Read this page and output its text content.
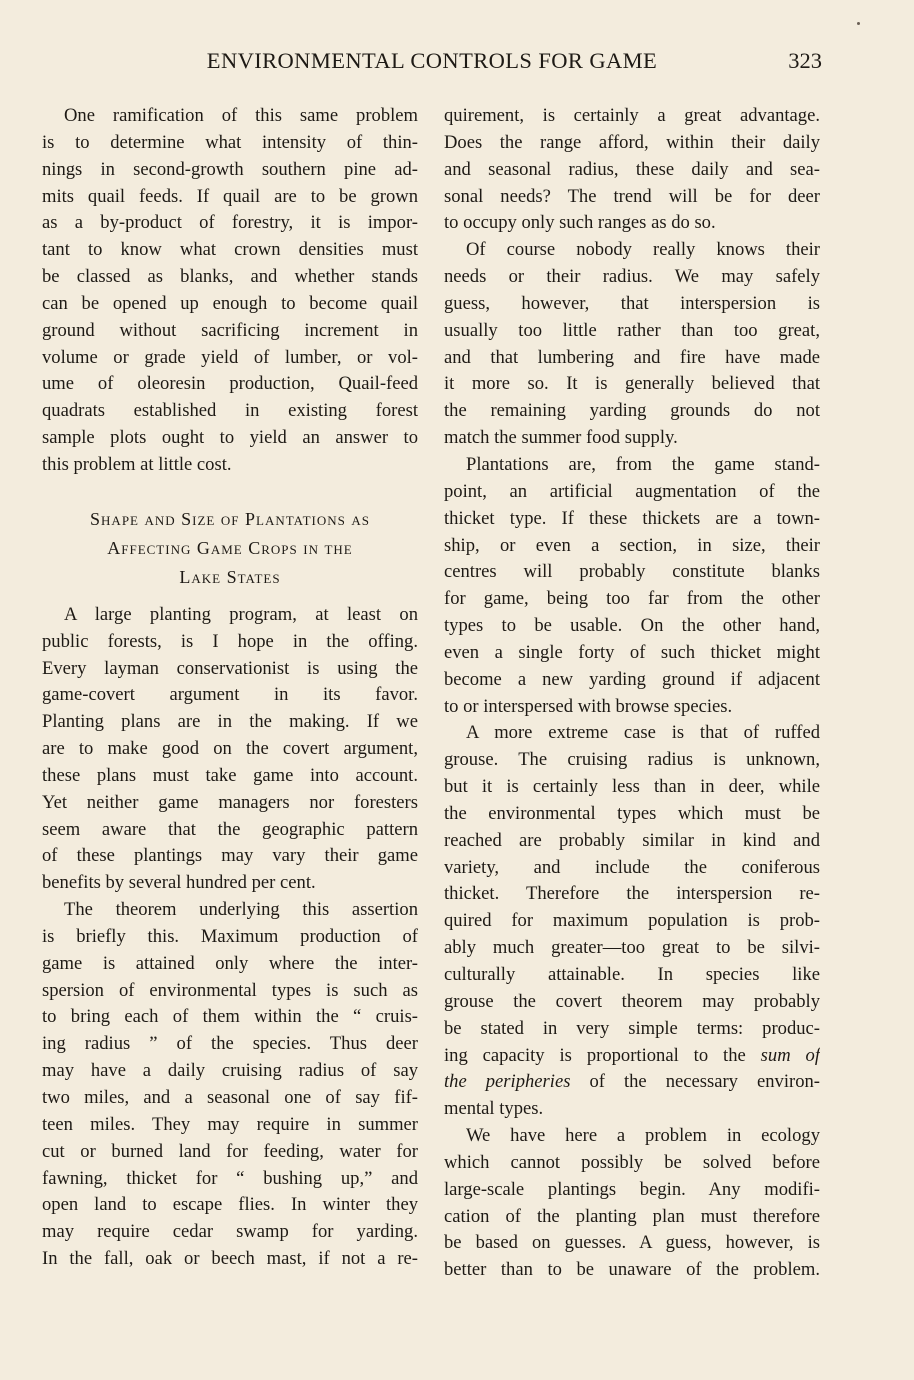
ENVIRONMENTAL CONTROLS FOR GAME	323
One ramification of this same problem
is to determine what intensity of thin-
nings in second-growth southern pine ad-
mits quail feeds. If quail are to be grown
as a by-product of forestry, it is impor-
tant to know what crown densities must
be classed as blanks, and whether stands
can be opened up enough to become quail
ground without sacrificing increment in
volume or grade yield of lumber, or vol-
ume of oleoresin production, Quail-feed
quadrats established in existing forest
sample plots ought to yield an answer to
this problem at little cost.
Shape and Size of Plantations as
Affecting Game Crops in the
Lake States
A large planting program, at least on
public forests, is I hope in the offing.
Every layman conservationist is using the
game-covert argument in its favor.
Planting plans are in the making. If we
are to make good on the covert argument,
these plans must take game into account.
Yet neither game managers nor foresters
seem aware that the geographic pattern
of these plantings may vary their game
benefits by several hundred per cent.
The theorem underlying this assertion
is briefly this. Maximum production of
game is attained only where the inter-
spersion of environmental types is such as
to bring each of them within the “ cruis-
ing radius ” of the species. Thus deer
may have a daily cruising radius of say
two miles, and a seasonal one of say fif-
teen miles. They may require in summer
cut or burned land for feeding, water for
fawning, thicket for “ bushing up,” and
open land to escape flies. In winter they
may require cedar swamp for yarding.
In the fall, oak or beech mast, if not a re-
quirement, is certainly a great advantage.
Does the range afford, within their daily
and seasonal radius, these daily and sea-
sonal needs? The trend will be for deer
to occupy only such ranges as do so.
Of course nobody really knows their
needs or their radius. We may safely
guess, however, that interspersion is
usually too little rather than too great,
and that lumbering and fire have made
it more so. It is generally believed that
the remaining yarding grounds do not
match the summer food supply.
Plantations are, from the game stand-
point, an artificial augmentation of the
thicket type. If these thickets are a town-
ship, or even a section, in size, their
centres will probably constitute blanks
for game, being too far from the other
types to be usable. On the other hand,
even a single forty of such thicket might
become a new yarding ground if adjacent
to or interspersed with browse species.
A more extreme case is that of ruffed
grouse. The cruising radius is unknown,
but it is certainly less than in deer, while
the environmental types which must be
reached are probably similar in kind and
variety, and include the coniferous
thicket. Therefore the interspersion re-
quired for maximum population is prob-
ably much greater—too great to be silvi-
culturally attainable. In species like
grouse the covert theorem may probably
be stated in very simple terms: produc-
ing capacity is proportional to the sum of
the peripheries of the necessary environ-
mental types.
We have here a problem in ecology
which cannot possibly be solved before
large-scale plantings begin. Any modifi-
cation of the planting plan must therefore
be based on guesses. A guess, however, is
better than to be unaware of the problem.
